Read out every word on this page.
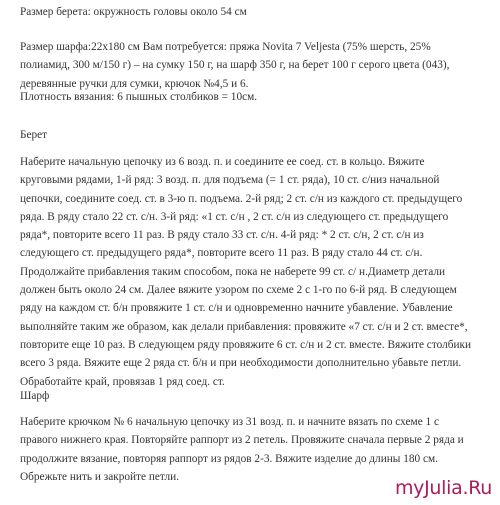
Размер берета: окружность головы около 54 см

Размер шарфа:22х180 см Вам потребуется: пряжа Novita 7 Veljesta (75% шерсть, 25%
полиамид, 300 м/150 г) – на сумку 150 г, на шарф 350 г, на берет 100 г серого цвета (043),
деревянные ручки для сумки, крючок №4,5 и 6.

Плотность вязания: 6 пышных столбиков = 10см.

Берет

Наберите начальную цепочку из 6 возд. п. и соедините ее соед. ст. в кольцо. Вяжите
круговыми рядами, 1-й ряд: 3 возд. п. для подъема (= 1 ст. ряда), 10 ст. с/низ начальной
цепочки, соедините соед. ст. в 3-ю п. подъема. 2-й ряд; 2 ст. с/н из каждого ст. предыдущего
ряда. В ряду стало 22 ст. с/н. 3-й ряд: «1 ст. с/н , 2 ст. с/н из следующего ст. предыдущего
ряда*, повторите всего 11 раз. В ряду стало 33 ст. с/н. 4-й ряд: * 2 ст. с/н, 2 ст. с/н из
следующего ст. предыдущего ряда*, повторите всего 11 раз. В ряду стало 44 ст. с/н.
Продолжайте прибавления таким способом, пока не наберете 99 ст. с/ н.Диаметр детали
должен быть около 24 см. Далее вяжите узором по схеме 2 с 1-го по 6-й ряд. В следующем
ряду на каждом ст. б/н провяжите 1 ст. с/н и одновременно начните убавление. Убавление
выполняйте таким же образом, как делали прибавления: провяжите «7 ст. с/н и 2 ст. вместе*,
повторите еще 10 раз. В следующем ряду провяжите 6 ст. с/н и 2 ст. вместе. Вяжите столбики
всего 3 ряда. Вяжите еще 2 ряда ст. б/н и при необходимости дополнительно убавьте петли.
Обработайте край, провязав 1 ряд соед. ст.

Шарф

Наберите крючком № 6 начальную цепочку из 31 возд. п. и начните вязать по схеме 1 с
правого нижнего края. Повторяйте раппорт из 2 петель. Провяжите сначала первые 2 ряда и
продолжите вязание, повторяя раппорт из рядов 2-3. Вяжите изделие до длины 180 см.
Обрежьте нить и закройте петли.

myJulia.Ru
